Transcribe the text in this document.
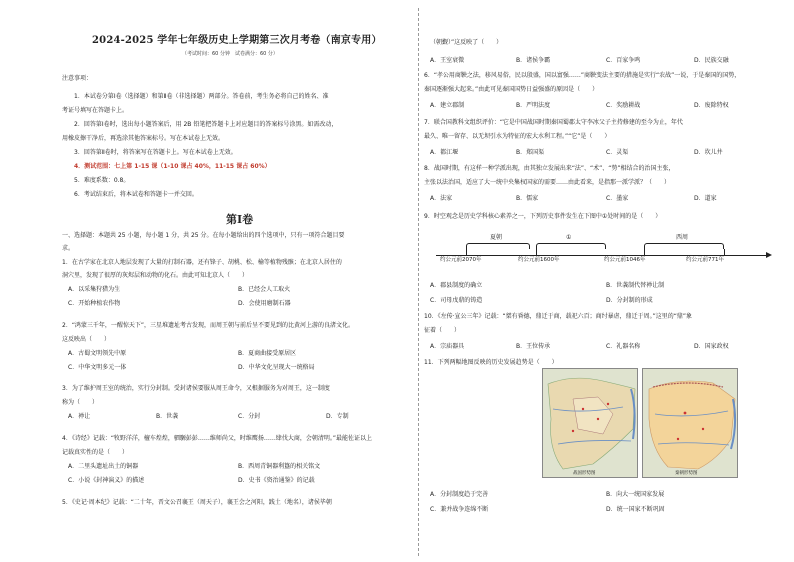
2024-2025 学年七年级历史上学期第三次月考卷（南京专用）
（考试时间：60 分钟　试卷满分：60 分）
注意事项：
1．本试卷分第Ⅰ卷（选择题）和第Ⅱ卷（非选择题）两部分。答卷前，考生务必将自己的姓名、准
考证号填写在答题卡上。
2．回答第Ⅰ卷时，选出每小题答案后，用 2B 铅笔把答题卡上对应题目的答案标号涂黑。如需改动，
用橡皮擦干净后，再选涂其他答案标号。写在本试卷上无效。
3．回答第Ⅱ卷时，将答案写在答题卡上。写在本试卷上无效。
4．测试范围：七上第 1-15 课（1-10 课占 40%，11-15 课占 60%）
5．难度系数：0.8。
6．考试结束后，将本试卷和答题卡一并交回。
第Ⅰ卷
一、选择题：本题共 25 小题，每小题 1 分，共 25 分。在每小题给出的四个选项中，只有一项符合题目要
求。
1．在古学家在北京人地层发现了大量的打制石器，还有锋子、胡桃、松、榆等植物残骸；在北京人居住的
洞穴里，发现了很厚的灰烬层和动物的化石。由此可知北京人（　　）
A．以采集狩猎为生	B．已经会人工取火
C．开始种植农作物	D．会使用磨制石器
2．“鸿蒙三千年，一醒惊天下”，三星堆遗址考古发现，而周王朝与前后呈不要见到的比黄河上游的良渚文化。
这反映出（　　）
A．古蜀文明领先中原	B．夏商曲接受原居区
C．中华文明多元一体	D．中华文化呈现大一统格局
3．为了维护周王室的统治，实行分封制。受封诸侯要服从周王命令，又根据服务为对周王，这一制度
称为（　　）
A．禅让	B．世袭	C．分封	D．专制
4．《诗经》记载：“牧野洋洋，檀车煌煌，驷騵彭彭……维师尚父，时维鹰扬……肆伐大商，会朝清明。”最能佐证以上
记载真实性的是（　　）
A．二里头遗址出土的铜器	B．西周青铜器利簋的相关铭文
C．小说《封神演义》的描述	D．史书《资治通鉴》的记载
5．《史记·周本纪》记载：“二十年，晋文公召襄王（周天子），襄王会之河阳，践土（地名），诸侯毕朝
（朝觐）”这反映了（　　）
A．王室衰微	B．诸侯争霸	C．百家争鸣	D．民族交融
6．“孝公用商鞅之法，移风易俗，民以殷盛，国以富强……”商鞅变法主要的措施是实行“农战”一说，于是秦国的国势，
秦国逐渐强大起来。”由此可见秦国国势日益强盛的原因是（　　）
A．建立郡制	B．严明法度	C．奖励耕战	D．废除特权
7．联合国教科文组织评价：“它是中国战国时期秦国蜀郡太守李冰父子主持修建的至今为止，年代
最久、唯一留存、以无坝引水为特征的宏大水利工程。”“它”是（　　）
A．都江堰	B．郑国渠	C．灵渠	D．坎儿井
8．战国时期，有这样一种学派出现，由其独立发展出来“法”、“术”、“势”相结合的治国主张，
主张以法治国，适应了大一统中央集权国家的需要……由此看来，是指那一派学派？（　　）
A．法家	B．儒家	C．墨家	D．道家
9．时空观念是历史学科核心素养之一，下列历史事件发生在下图中①处时间的是（　　）
夏朝	①	西周
约公元前2070年	约公元前1600年	约公元前1046年	约公元前771年
A．郡县制度的确立	B．世袭制代替禅让制
C．司母戊鼎的铸造	D．分封制的形成
10．《左传·宣公三年》记载：“桀有昏德，鼎迁于商，载祀六百；商纣暴虐，鼎迁于周。”这里的“鼎”象
征着（　　）
A．宗庙器具	B．王位传承	C．礼器名称	D．国家政权
11．下列两幅地图反映的历史发展趋势是（　　）
战国形势图	秦朝形势图
A．分封制度趋于完善	B．向大一统国家发展
C．兼并战争连绵不断	D．统一国家不断巩固
